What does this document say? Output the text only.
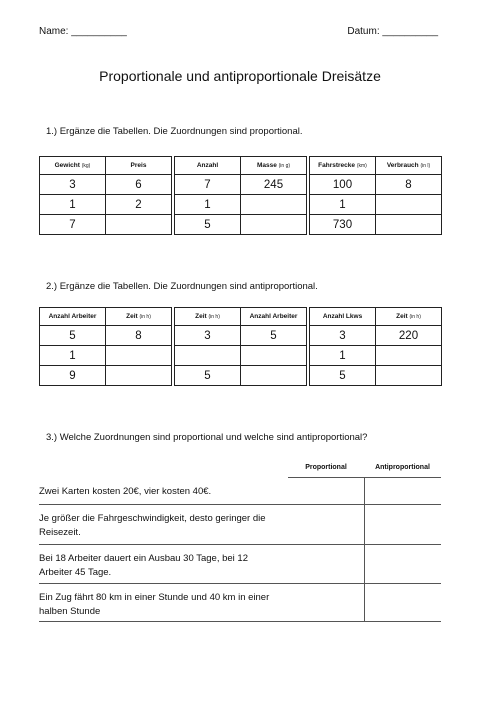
Name: __________	Datum: __________
Proportionale und antiproportionale Dreisätze
1.) Ergänze die Tabellen. Die Zuordnungen sind proportional.
Gewicht (kg)	Preis
3	6
1	2
7	
Anzahl	Masse (in g)
7	245
1	
5	
Fahrstrecke (km)	Verbrauch (in l)
100	8
1	
730	
2.) Ergänze die Tabellen. Die Zuordnungen sind antiproportional.
Anzahl Arbeiter	Zeit (in h)
5	8
1	
9	
Zeit (in h)	Anzahl Arbeiter
3	5

5	
Anzahl Lkws	Zeit (in h)
3	220
1	
5	
3.) Welche Zuordnungen sind proportional und welche sind antiproportional?
Proportional	Antiproportional
Zwei Karten kosten 20€, vier kosten 40€.
Je größer die Fahrgeschwindigkeit, desto geringer die
Reisezeit.
Bei 18 Arbeiter dauert ein Ausbau 30 Tage, bei 12
Arbeiter 45 Tage.
Ein Zug fährt 80 km in einer Stunde und 40 km in einer
halben Stunde
